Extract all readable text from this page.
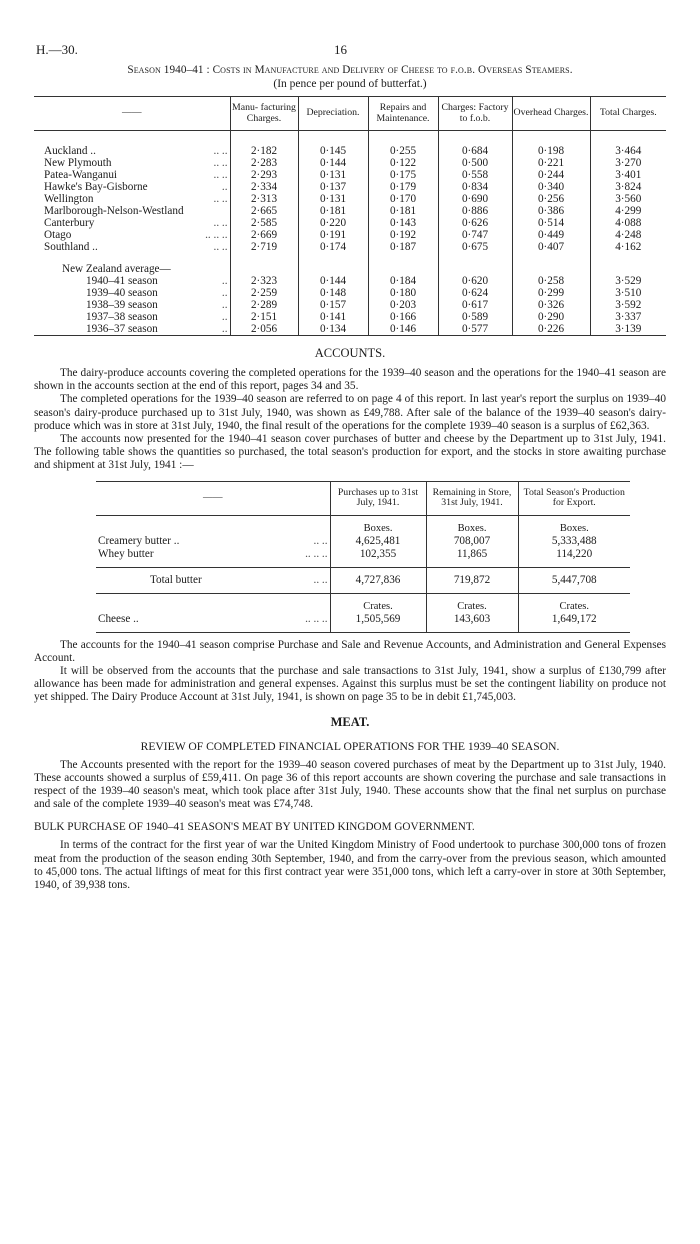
H.—30.	16
Season 1940–41 : Costs in Manufacture and Delivery of Cheese to f.o.b. Overseas Steamers.
(In pence per pound of butterfat.)
——	Manu- facturing Charges.	Depreciation.	Repairs and Maintenance.	Charges: Factory to f.o.b.	Overhead Charges.	Total Charges.

Auckland .. .. ..	2·182	0·145	0·255	0·684	0·198	3·464
New Plymouth .. ..	2·283	0·144	0·122	0·500	0·221	3·270
Patea-Wanganui .. ..	2·293	0·131	0·175	0·558	0·244	3·401
Hawke's Bay-Gisborne ..	2·334	0·137	0·179	0·834	0·340	3·824
Wellington .. ..	2·313	0·131	0·170	0·690	0·256	3·560
Marlborough-Nelson-Westland	2·665	0·181	0·181	0·886	0·386	4·299
Canterbury .. ..	2·585	0·220	0·143	0·626	0·514	4·088
Otago .. .. ..	2·669	0·191	0·192	0·747	0·449	4·248
Southland .. .. ..	2·719	0·174	0·187	0·675	0·407	4·162

New Zealand average—						
1940–41 season ..	2·323	0·144	0·184	0·620	0·258	3·529
1939–40 season ..	2·259	0·148	0·180	0·624	0·299	3·510
1938–39 season ..	2·289	0·157	0·203	0·617	0·326	3·592
1937–38 season ..	2·151	0·141	0·166	0·589	0·290	3·337
1936–37 season ..	2·056	0·134	0·146	0·577	0·226	3·139
ACCOUNTS.

The dairy-produce accounts covering the completed operations for the 1939–40 season and the operations for the 1940–41 season are shown in the accounts section at the end of this report, pages 34 and 35.

The completed operations for the 1939–40 season are referred to on page 4 of this report. In last year's report the surplus on 1939–40 season's dairy-produce purchased up to 31st July, 1940, was shown as £49,788. After sale of the balance of the 1939–40 season's dairy-produce which was in store at 31st July, 1940, the final result of the operations for the complete 1939–40 season is a surplus of £62,363.

The accounts now presented for the 1940–41 season cover purchases of butter and cheese by the Department up to 31st July, 1941. The following table shows the quantities so purchased, the total season's production for export, and the stocks in store awaiting purchase and shipment at 31st July, 1941 :—

——	Purchases up to 31st July, 1941.	Remaining in Store, 31st July, 1941.	Total Season's Production for Export.
	Boxes.	Boxes.	Boxes.
Creamery butter .. .. ..	4,625,481	708,007	5,333,488
Whey butter .. .. ..	102,355	11,865	114,220
Total butter .. ..	4,727,836	719,872	5,447,708
	Crates.	Crates.	Crates.
Cheese .. .. .. ..	1,505,569	143,603	1,649,172

The accounts for the 1940–41 season comprise Purchase and Sale and Revenue Accounts, and Administration and General Expenses Account.

It will be observed from the accounts that the purchase and sale transactions to 31st July, 1941, show a surplus of £130,799 after allowance has been made for administration and general expenses. Against this surplus must be set the contingent liability on produce not yet shipped. The Dairy Produce Account at 31st July, 1941, is shown on page 35 to be in debit £1,745,003.

MEAT.
REVIEW OF COMPLETED FINANCIAL OPERATIONS FOR THE 1939–40 SEASON.

The Accounts presented with the report for the 1939–40 season covered purchases of meat by the Department up to 31st July, 1940. These accounts showed a surplus of £59,411. On page 36 of this report accounts are shown covering the purchase and sale transactions in respect of the 1939–40 season's meat, which took place after 31st July, 1940. These accounts show that the final net surplus on purchase and sale of the complete 1939–40 season's meat was £74,748.

BULK PURCHASE OF 1940–41 SEASON'S MEAT BY UNITED KINGDOM GOVERNMENT.

In terms of the contract for the first year of war the United Kingdom Ministry of Food undertook to purchase 300,000 tons of frozen meat from the production of the season ending 30th September, 1940, and from the carry-over from the previous season, which amounted to 45,000 tons. The actual liftings of meat for this first contract year were 351,000 tons, which left a carry-over in store at 30th September, 1940, of 39,938 tons.
